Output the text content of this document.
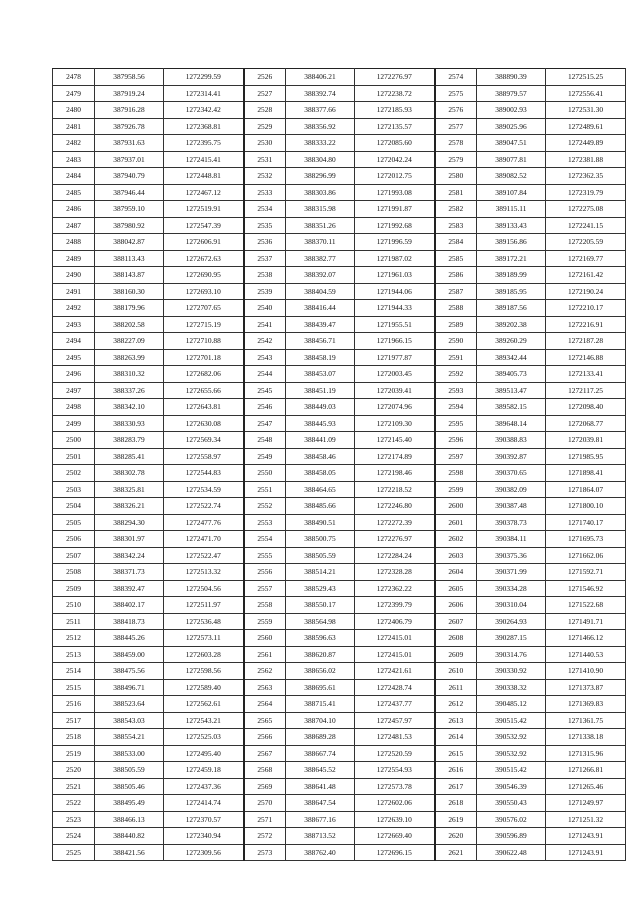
2478	387958.56	1272299.59	2526	388406.21	1272276.97	2574	388890.39	1272515.25
2479	387919.24	1272314.41	2527	388392.74	1272238.72	2575	388979.57	1272556.41
2480	387916.28	1272342.42	2528	388377.66	1272185.93	2576	389002.93	1272531.30
2481	387926.78	1272368.81	2529	388356.92	1272135.57	2577	389025.96	1272489.61
2482	387931.63	1272395.75	2530	388333.22	1272085.60	2578	389047.51	1272449.89
2483	387937.01	1272415.41	2531	388304.80	1272042.24	2579	389077.81	1272381.88
2484	387940.79	1272448.81	2532	388296.99	1272012.75	2580	389082.52	1272362.35
2485	387946.44	1272467.12	2533	388303.86	1271993.08	2581	389107.84	1272319.79
2486	387959.10	1272519.91	2534	388315.98	1271991.87	2582	389115.11	1272275.08
2487	387980.92	1272547.39	2535	388351.26	1271992.68	2583	389133.43	1272241.15
2488	388042.87	1272606.91	2536	388370.11	1271996.59	2584	389156.86	1272205.59
2489	388113.43	1272672.63	2537	388382.77	1271987.02	2585	389172.21	1272169.77
2490	388143.87	1272690.95	2538	388392.07	1271961.03	2586	389189.99	1272161.42
2491	388160.30	1272693.10	2539	388404.59	1271944.06	2587	389185.95	1272190.24
2492	388179.96	1272707.65	2540	388416.44	1271944.33	2588	389187.56	1272210.17
2493	388202.58	1272715.19	2541	388439.47	1271955.51	2589	389202.38	1272216.91
2494	388227.09	1272710.88	2542	388456.71	1271966.15	2590	389260.29	1272187.28
2495	388263.99	1272701.18	2543	388458.19	1271977.87	2591	389342.44	1272146.88
2496	388310.32	1272682.06	2544	388453.07	1272003.45	2592	389405.73	1272133.41
2497	388337.26	1272655.66	2545	388451.19	1272039.41	2593	389513.47	1272117.25
2498	388342.10	1272643.81	2546	388449.03	1272074.96	2594	389582.15	1272098.40
2499	388330.93	1272630.08	2547	388445.93	1272109.30	2595	389648.14	1272068.77
2500	388283.79	1272569.34	2548	388441.09	1272145.40	2596	390388.83	1272039.81
2501	388285.41	1272558.97	2549	388458.46	1272174.89	2597	390392.87	1271985.95
2502	388302.78	1272544.83	2550	388458.05	1272198.46	2598	390370.65	1271898.41
2503	388325.81	1272534.59	2551	388464.65	1272218.52	2599	390382.09	1271864.07
2504	388326.21	1272522.74	2552	388485.66	1272246.80	2600	390387.48	1271800.10
2505	388294.30	1272477.76	2553	388490.51	1272272.39	2601	390378.73	1271740.17
2506	388301.97	1272471.70	2554	388500.75	1272276.97	2602	390384.11	1271695.73
2507	388342.24	1272522.47	2555	388505.59	1272284.24	2603	390375.36	1271662.06
2508	388371.73	1272513.32	2556	388514.21	1272328.28	2604	390371.99	1271592.71
2509	388392.47	1272504.56	2557	388529.43	1272362.22	2605	390334.28	1271546.92
2510	388402.17	1272511.97	2558	388550.17	1272399.79	2606	390310.04	1271522.68
2511	388418.73	1272536.48	2559	388564.98	1272406.79	2607	390264.93	1271491.71
2512	388445.26	1272573.11	2560	388596.63	1272415.01	2608	390287.15	1271466.12
2513	388459.00	1272603.28	2561	388620.87	1272415.01	2609	390314.76	1271440.53
2514	388475.56	1272598.56	2562	388656.02	1272421.61	2610	390330.92	1271410.90
2515	388496.71	1272589.40	2563	388695.61	1272428.74	2611	390338.32	1271373.87
2516	388523.64	1272562.61	2564	388715.41	1272437.77	2612	390485.12	1271369.83
2517	388543.03	1272543.21	2565	388704.10	1272457.97	2613	390515.42	1271361.75
2518	388554.21	1272525.03	2566	388689.28	1272481.53	2614	390532.92	1271338.18
2519	388533.00	1272495.40	2567	388667.74	1272520.59	2615	390532.92	1271315.96
2520	388505.59	1272459.18	2568	388645.52	1272554.93	2616	390515.42	1271266.81
2521	388505.46	1272437.36	2569	388641.48	1272573.78	2617	390546.39	1271265.46
2522	388495.49	1272414.74	2570	388647.54	1272602.06	2618	390550.43	1271249.97
2523	388466.13	1272370.57	2571	388677.16	1272639.10	2619	390576.02	1271251.32
2524	388440.82	1272340.94	2572	388713.52	1272669.40	2620	390596.89	1271243.91
2525	388421.56	1272309.56	2573	388762.40	1272696.15	2621	390622.48	1271243.91
